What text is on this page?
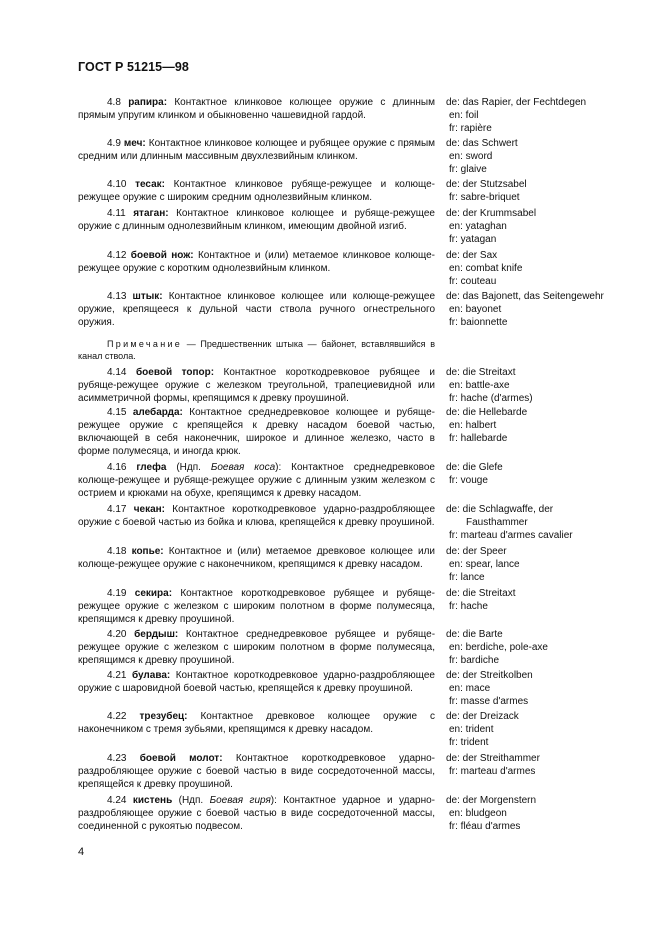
ГОСТ Р 51215—98
4.8 рапира: Контактное клинковое колющее оружие с длинным прямым упругим клинком и обыкновенно чашевидной гардой.
de: das Rapier, der Fechtdegen
en: foil
fr: rapière
4.9 меч: Контактное клинковое колющее и рубящее оружие с прямым средним или длинным массивным двухлезвийным клинком.
de: das Schwert
en: sword
fr: glaive
4.10 тесак: Контактное клинковое рубяще-режущее и колюще-режущее оружие с широким средним однолезвийным клинком.
de: der Stutzsabel
fr: sabre-briquet
4.11 ятаган: Контактное клинковое колющее и рубяще-режущее оружие с длинным однолезвийным клинком, имеющим двойной изгиб.
de: der Krummsabel
en: yataghan
fr: yatagan
4.12 боевой нож: Контактное и (или) метаемое клинковое колюще-режущее оружие с коротким однолезвийным клинком.
de: der Sax
en: combat knife
fr: couteau
4.13 штык: Контактное клинковое колющее или колюще-режущее оружие, крепящееся к дульной части ствола ручного огнестрельного оружия.
de: das Bajonett, das Seitengewehr
en: bayonet
fr: baionnette
Примечание — Предшественник штыка — байонет, вставлявшийся в канал ствола.
4.14 боевой топор: Контактное короткодревковое рубящее и рубяще-режущее оружие с железком треугольной, трапециевидной или асимметричной формы, крепящимся к древку проушиной.
de: die Streitaxt
en: battle-axe
fr: hache (d'armes)
4.15 алебарда: Контактное среднедревковое колющее и рубяще-режущее оружие с крепящейся к древку насадом боевой частью, включающей в себя наконечник, широкое и длинное железко, часто в форме полумесяца, и иногда крюк.
de: die Hellebarde
en: halbert
fr: hallebarde
4.16 глефа (Ндп. Боевая коса): Контактное среднедревковое колюще-режущее и рубяще-режущее оружие с длинным узким железком с острием и крюками на обухе, крепящимся к древку насадом.
de: die Glefe
fr: vouge
4.17 чекан: Контактное короткодревковое ударно-раздробляющее оружие с боевой частью из бойка и клюва, крепящейся к древку проушиной.
de: die Schlagwaffe, der
Fausthammer
fr: marteau d'armes cavalier
4.18 копье: Контактное и (или) метаемое древковое колющее или колюще-режущее оружие с наконечником, крепящимся к древку насадом.
de: der Speer
en: spear, lance
fr: lance
4.19 секира: Контактное короткодревковое рубящее и рубяще-режущее оружие с железком с широким полотном в форме полумесяца, крепящимся к древку проушиной.
de: die Streitaxt
fr: hache
4.20 бердыш: Контактное среднедревковое рубящее и рубяще-режущее оружие с железком с широким полотном в форме полумесяца, крепящимся к древку проушиной.
de: die Barte
en: berdiche, pole-axe
fr: bardiche
4.21 булава: Контактное короткодревковое ударно-раздробляющее оружие с шаровидной боевой частью, крепящейся к древку проушиной.
de: der Streitkolben
en: mace
fr: masse d'armes
4.22 трезубец: Контактное древковое колющее оружие с наконечником с тремя зубьями, крепящимся к древку насадом.
de: der Dreizack
en: trident
fr: trident
4.23 боевой молот: Контактное короткодревковое ударно-раздробляющее оружие с боевой частью в виде сосредоточенной массы, крепящейся к древку проушиной.
de: der Streithammer
fr: marteau d'armes
4.24 кистень (Ндп. Боевая гиря): Контактное ударное и ударно-раздробляющее оружие с боевой частью в виде сосредоточенной массы, соединенной с рукоятью подвесом.
de: der Morgenstern
en: bludgeon
fr: fléau d'armes
4
